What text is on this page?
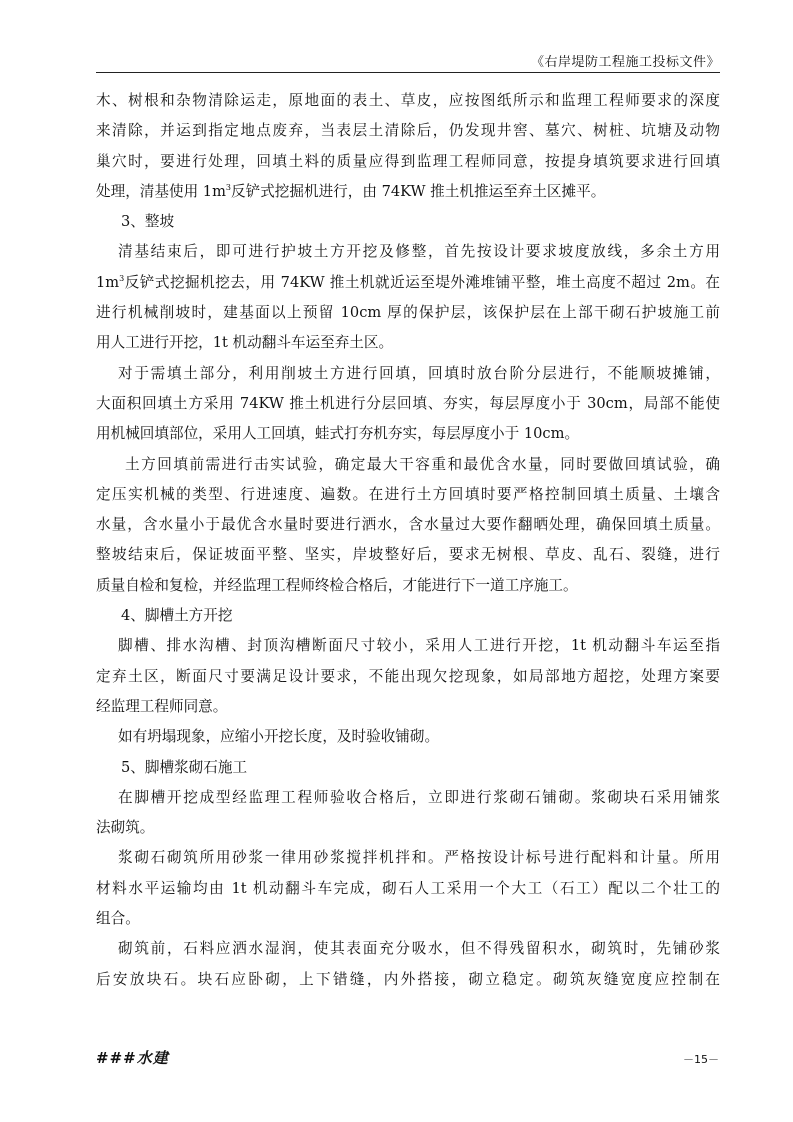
《右岸堤防工程施工投标文件》
木、树根和杂物清除运走，原地面的表土、草皮，应按图纸所示和监理工程师要求的深度
来清除，并运到指定地点废弃，当表层土清除后，仍发现井窖、墓穴、树桩、坑塘及动物
巢穴时，要进行处理，回填土料的质量应得到监理工程师同意，按提身填筑要求进行回填
处理，清基使用 $1m^3$反铲式挖掘机进行，由 74KW 推土机推运至弃土区摊平。
3、整坡
清基结束后，即可进行护坡土方开挖及修整，首先按设计要求坡度放线，多余土方用
$1m^3$反铲式挖掘机挖去，用 74KW 推土机就近运至堤外滩堆铺平整，堆土高度不超过 2m。在
进行机械削坡时，建基面以上预留 10cm 厚的保护层，该保护层在上部干砌石护坡施工前
用人工进行开挖，1t 机动翻斗车运至弃土区。
对于需填土部分，利用削坡土方进行回填，回填时放台阶分层进行，不能顺坡摊铺，
大面积回填土方采用 74KW 推土机进行分层回填、夯实，每层厚度小于 30cm，局部不能使
用机械回填部位，采用人工回填，蛙式打夯机夯实，每层厚度小于 10cm。
土方回填前需进行击实试验，确定最大干容重和最优含水量，同时要做回填试验，确
定压实机械的类型、行进速度、遍数。在进行土方回填时要严格控制回填土质量、土壤含
水量，含水量小于最优含水量时要进行洒水，含水量过大要作翻晒处理，确保回填土质量。
整坡结束后，保证坡面平整、坚实，岸坡整好后，要求无树根、草皮、乱石、裂缝，进行
质量自检和复检，并经监理工程师终检合格后，才能进行下一道工序施工。
4、脚槽土方开挖
脚槽、排水沟槽、封顶沟槽断面尺寸较小，采用人工进行开挖，1t 机动翻斗车运至指
定弃土区，断面尺寸要满足设计要求，不能出现欠挖现象，如局部地方超挖，处理方案要
经监理工程师同意。
如有坍塌现象，应缩小开挖长度，及时验收铺砌。
5、脚槽浆砌石施工
在脚槽开挖成型经监理工程师验收合格后，立即进行浆砌石铺砌。浆砌块石采用铺浆
法砌筑。
浆砌石砌筑所用砂浆一律用砂浆搅拌机拌和。严格按设计标号进行配料和计量。所用
材料水平运输均由 1t 机动翻斗车完成，砌石人工采用一个大工（石工）配以二个壮工的
组合。
砌筑前，石料应洒水湿润，使其表面充分吸水，但不得残留积水，砌筑时，先铺砂浆
后安放块石。块石应卧砌，上下错缝，内外搭接，砌立稳定。砌筑灰缝宽度应控制在
###水建	－15－
